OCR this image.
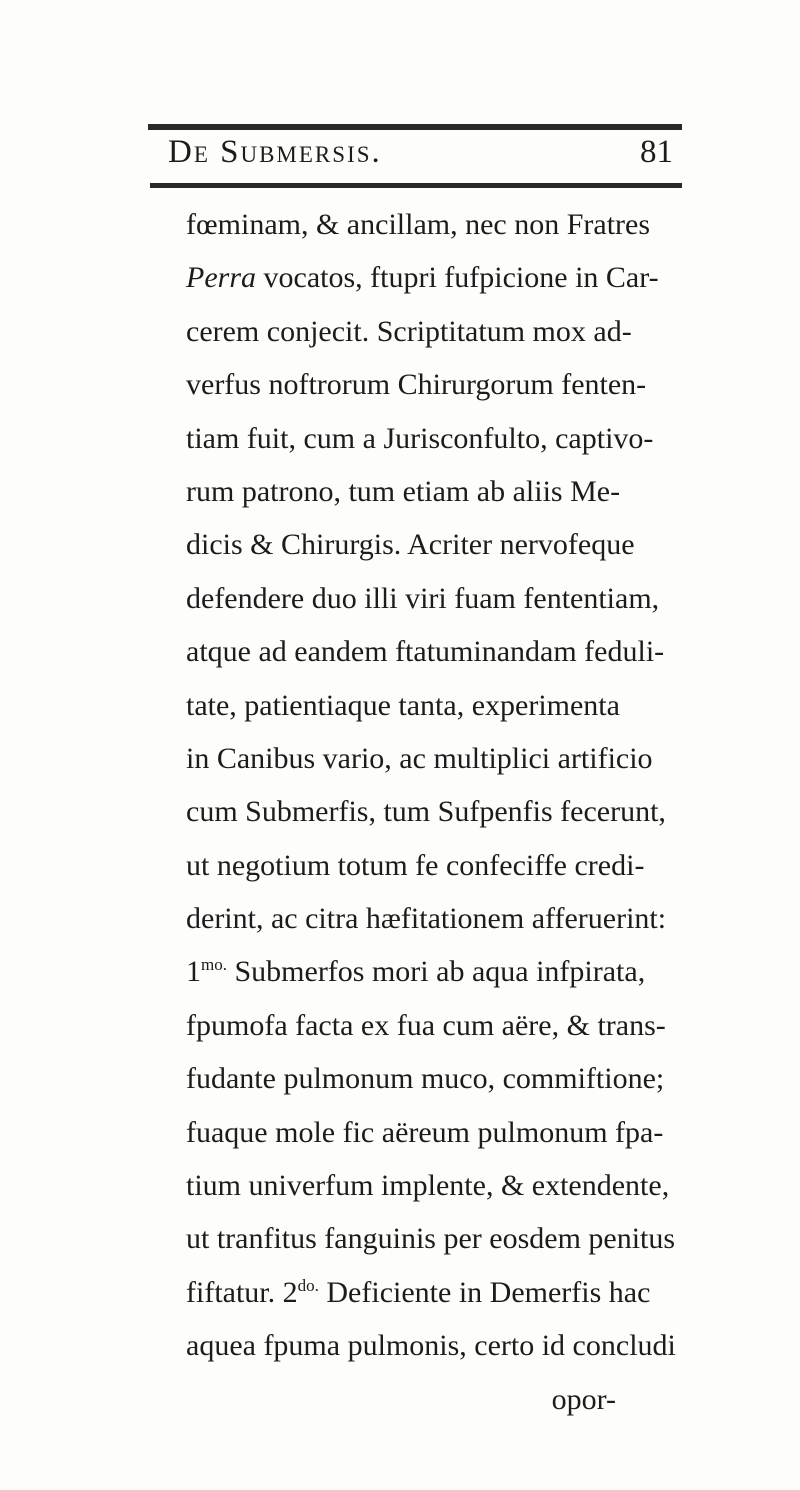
De Submersis.	81
fœminam, & ancillam, nec non Fratres
Perra vocatos, ftupri fufpicione in Car-
cerem conjecit. Scriptitatum mox ad-
verfus noftrorum Chirurgorum fenten-
tiam fuit, cum a Jurisconfulto, captivo-
rum patrono, tum etiam ab aliis Me-
dicis & Chirurgis. Acriter nervofeque
defendere duo illi viri fuam fententiam,
atque ad eandem ftatuminandam feduli-
tate, patientiaque tanta, experimenta
in Canibus vario, ac multiplici artificio
cum Submerfis, tum Sufpenfis fecerunt,
ut negotium totum fe confeciffe credi-
derint, ac citra hæfitationem afferuerint:
$1^{mo.}$ Submerfos mori ab aqua infpirata,
fpumofa facta ex fua cum aëre, & trans-
fudante pulmonum muco, commiftione;
fuaque mole fic aëreum pulmonum fpa-
tium univerfum implente, & extendente,
ut tranfitus fanguinis per eosdem penitus
fiftatur. $2^{do.}$ Deficiente in Demerfis hac
aquea fpuma pulmonis, certo id concludi
opor-
